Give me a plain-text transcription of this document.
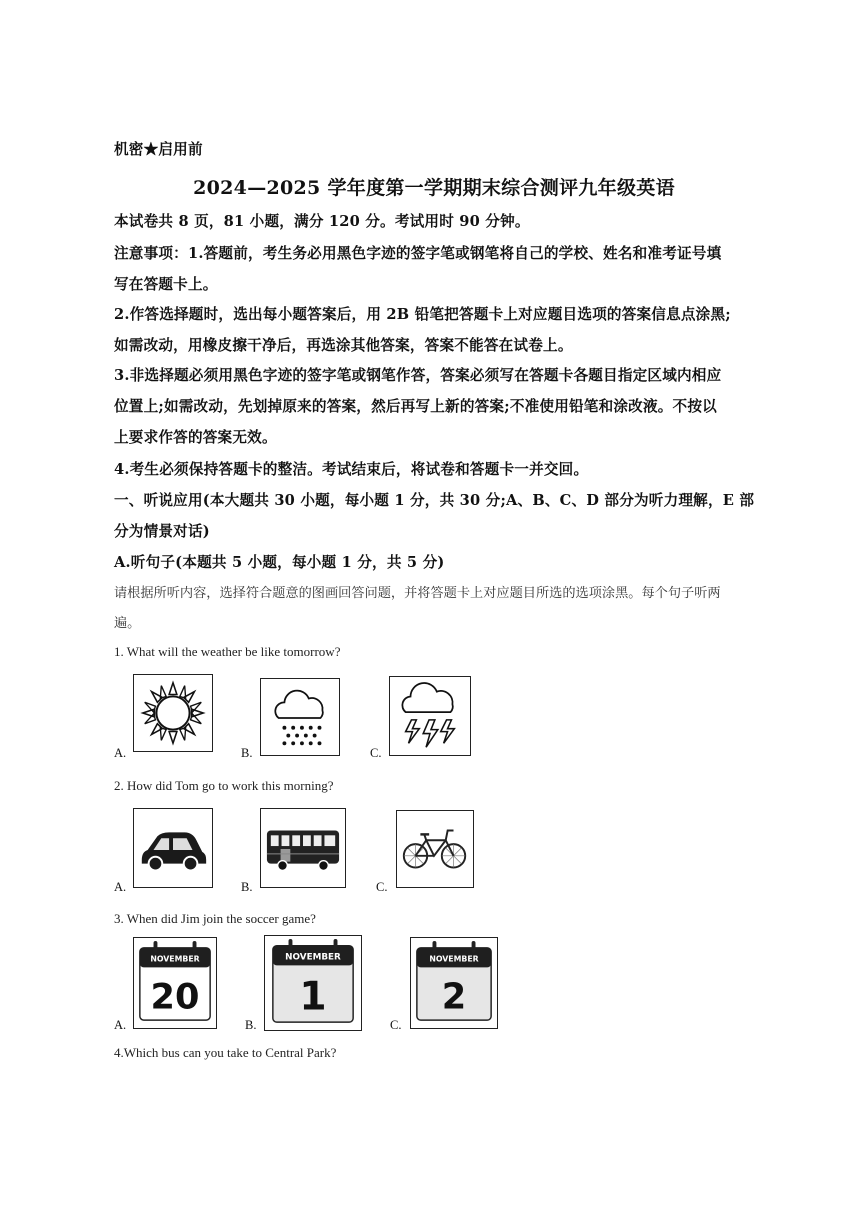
机密★启用前
2024—2025 学年度第一学期期末综合测评九年级英语
本试卷共 8 页，81 小题，满分 120 分。考试用时 90 分钟。
注意事项：1.答题前，考生务必用黑色字迹的签字笔或钢笔将自己的学校、姓名和准考证号填
写在答题卡上。
2.作答选择题时，选出每小题答案后，用 2B 铅笔把答题卡上对应题目选项的答案信息点涂黑;
如需改动，用橡皮擦干净后，再选涂其他答案，答案不能答在试卷上。
3.非选择题必须用黑色字迹的签字笔或钢笔作答，答案必须写在答题卡各题目指定区域内相应
位置上;如需改动，先划掉原来的答案，然后再写上新的答案;不准使用铅笔和涂改液。不按以
上要求作答的答案无效。
4.考生必须保持答题卡的整洁。考试结束后，将试卷和答题卡一并交回。
一、听说应用(本大题共 30 小题，每小题 1 分，共 30 分;A、B、C、D 部分为听力理解，E 部
分为情景对话)
A.听句子(本题共 5 小题，每小题 1 分，共 5 分)
请根据所听内容，选择符合题意的图画回答问题，并将答题卡上对应题目所选的选项涂黑。每个句子听两
遍。
1. What will the weather be like tomorrow?
A.	B.	C.
2. How did Tom go to work this morning?
A.	B.	C.
3. When did Jim join the soccer game?
A.
NOVEMBER
20
B.
NOVEMBER
1
C.
NOVEMBER
2
4.Which bus can you take to Central Park?
